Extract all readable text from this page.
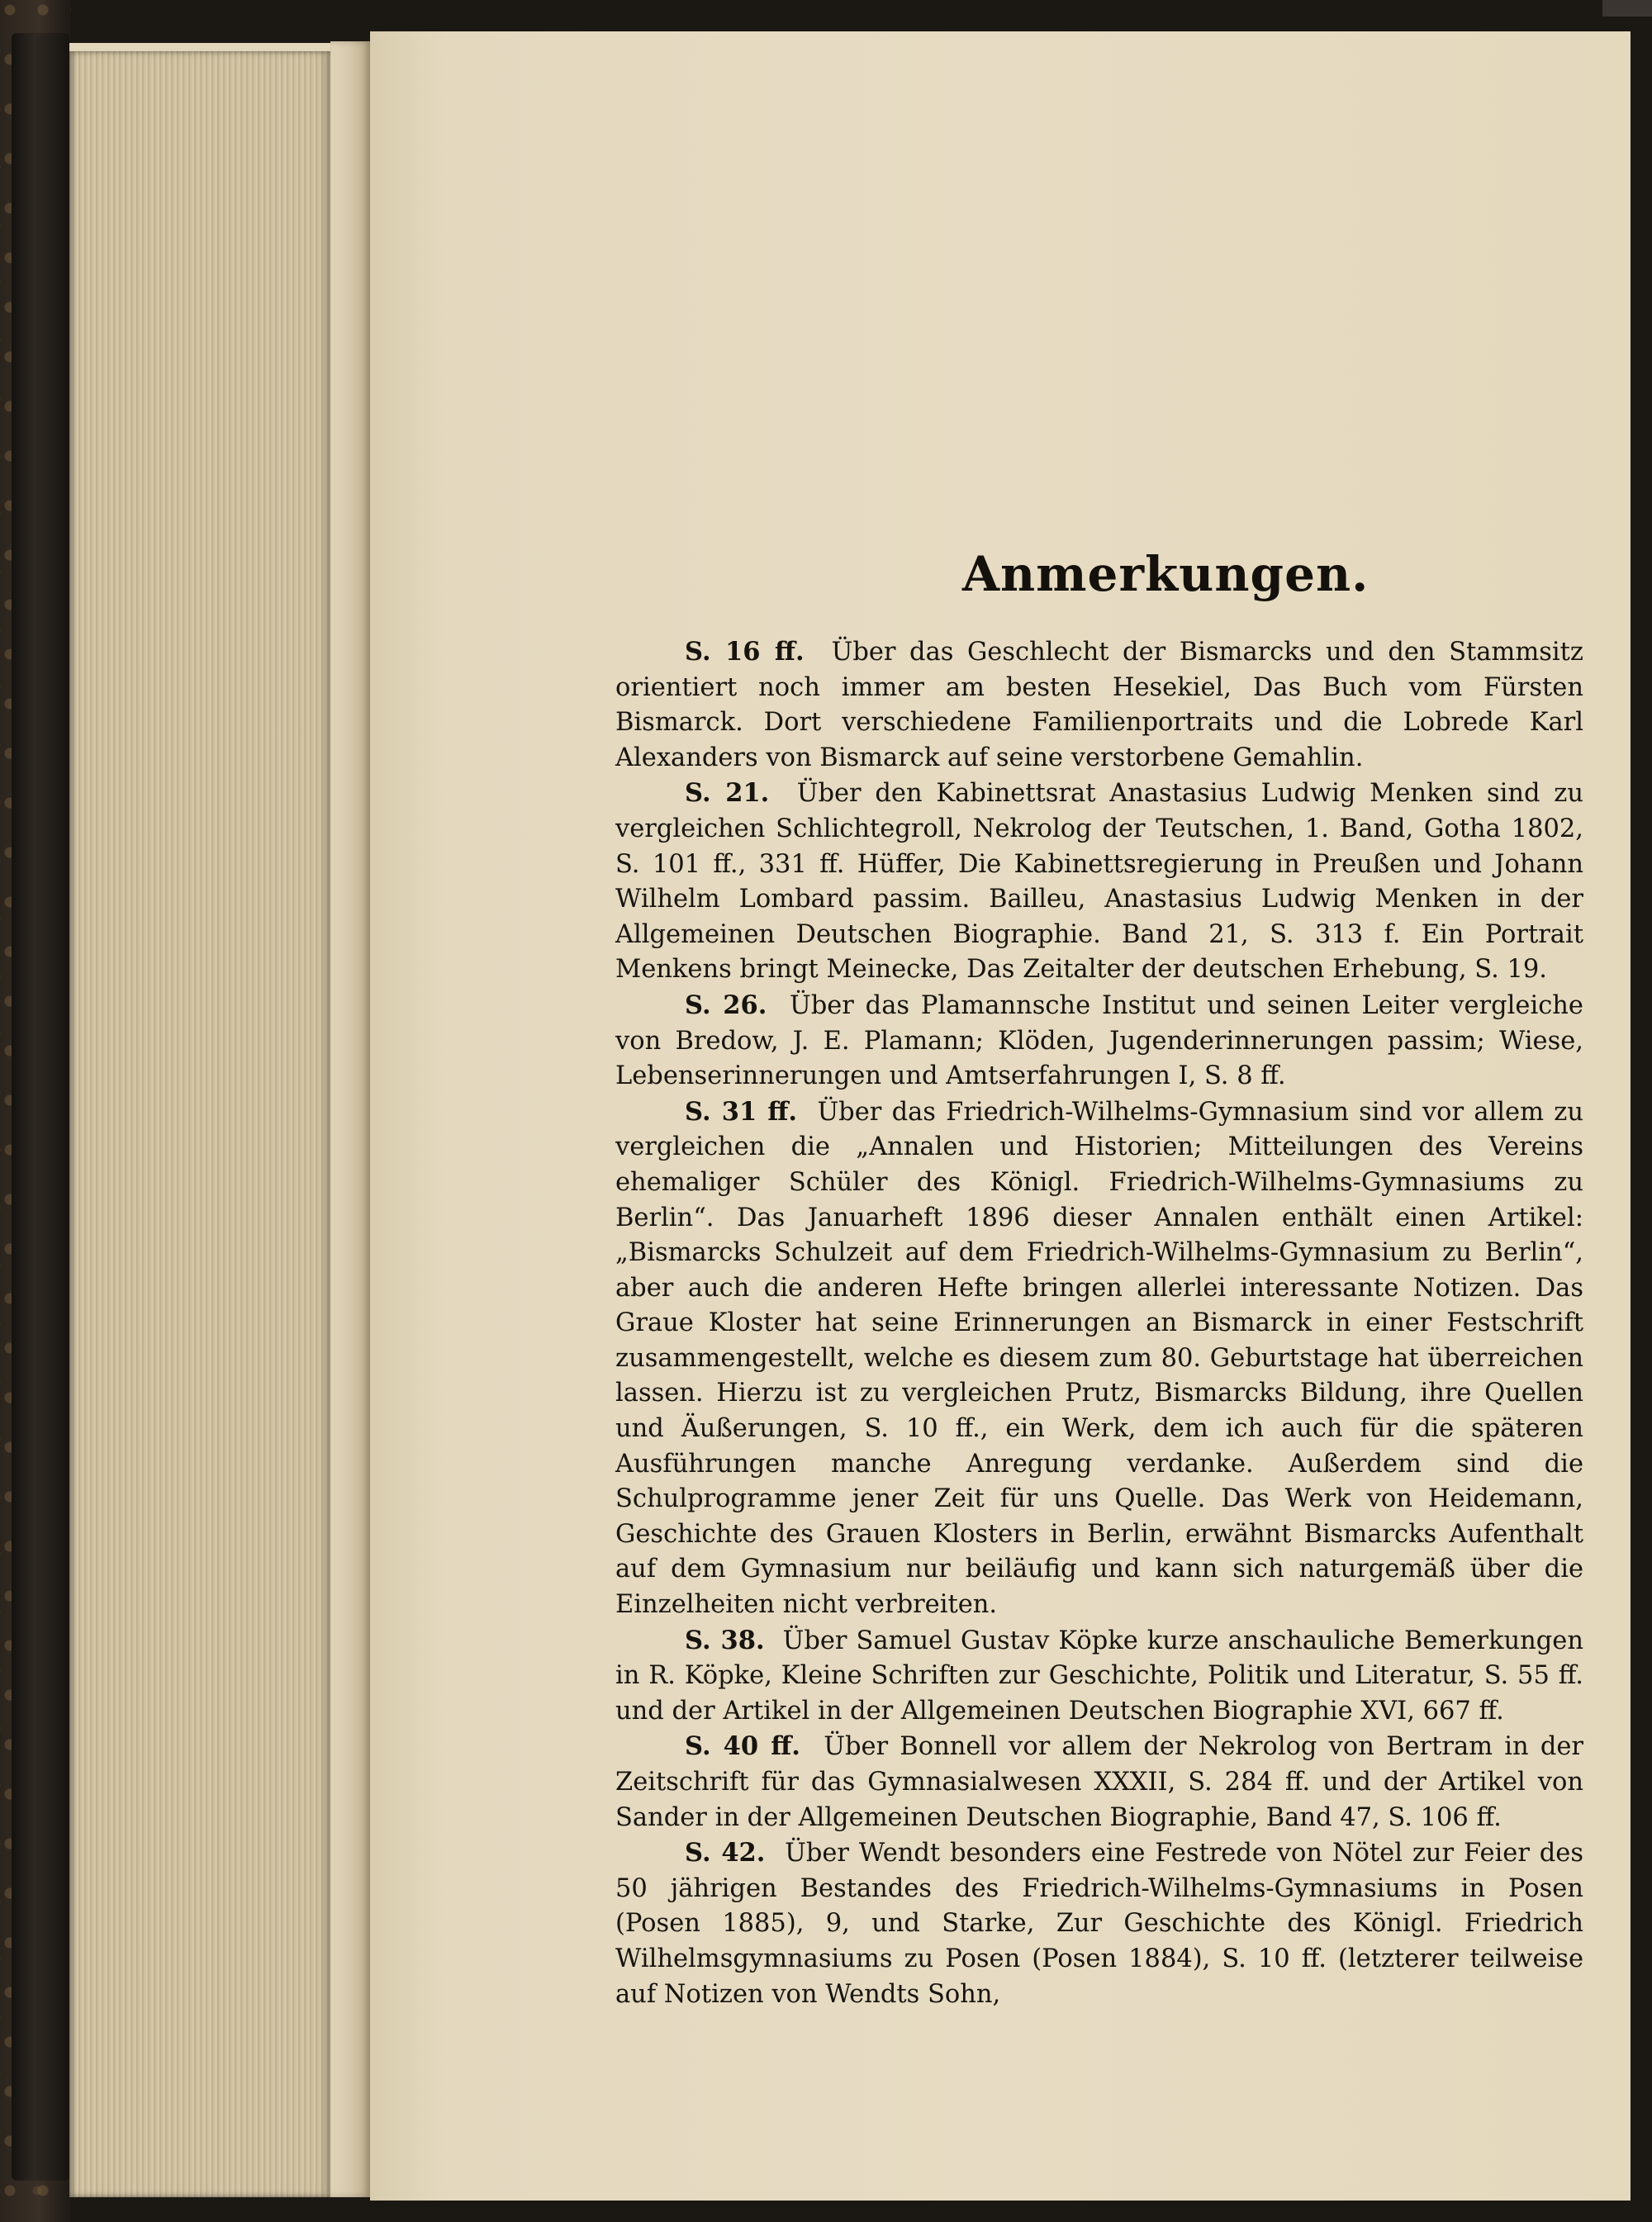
Anmerkungen.

S. 16 ff. Über das Geschlecht der Bismarcks und den Stammsitz orientiert noch immer am besten Hesekiel, Das Buch vom Fürsten Bismarck. Dort verschiedene Familienportraits und die Lobrede Karl Alexanders von Bismarck auf seine verstorbene Gemahlin.

S. 21. Über den Kabinettsrat Anastasius Ludwig Menken sind zu vergleichen Schlichtegroll, Nekrolog der Teutschen, 1. Band, Gotha 1802, S. 101 ff., 331 ff. Hüffer, Die Kabinettsregierung in Preußen und Johann Wilhelm Lombard passim. Bailleu, Anastasius Ludwig Menken in der Allgemeinen Deutschen Biographie. Band 21, S. 313 f. Ein Portrait Menkens bringt Meinecke, Das Zeitalter der deutschen Erhebung, S. 19.

S. 26. Über das Plamannsche Institut und seinen Leiter vergleiche von Bredow, J. E. Plamann; Klöden, Jugenderinnerungen passim; Wiese, Lebenserinnerungen und Amtserfahrungen I, S. 8 ff.

S. 31 ff. Über das Friedrich-Wilhelms-Gymnasium sind vor allem zu vergleichen die „Annalen und Historien; Mitteilungen des Vereins ehemaliger Schüler des Königl. Friedrich-Wilhelms-Gymnasiums zu Berlin“. Das Januarheft 1896 dieser Annalen enthält einen Artikel: „Bismarcks Schulzeit auf dem Friedrich-Wilhelms-Gymnasium zu Berlin“, aber auch die anderen Hefte bringen allerlei interessante Notizen. Das Graue Kloster hat seine Erinnerungen an Bismarck in einer Festschrift zusammengestellt, welche es diesem zum 80. Geburtstage hat überreichen lassen. Hierzu ist zu vergleichen Prutz, Bismarcks Bildung, ihre Quellen und Äußerungen, S. 10 ff., ein Werk, dem ich auch für die späteren Ausführungen manche Anregung verdanke. Außerdem sind die Schulprogramme jener Zeit für uns Quelle. Das Werk von Heidemann, Geschichte des Grauen Klosters in Berlin, erwähnt Bismarcks Aufenthalt auf dem Gymnasium nur beiläufig und kann sich naturgemäß über die Einzelheiten nicht verbreiten.

S. 38. Über Samuel Gustav Köpke kurze anschauliche Bemerkungen in R. Köpke, Kleine Schriften zur Geschichte, Politik und Literatur, S. 55 ff. und der Artikel in der Allgemeinen Deutschen Biographie XVI, 667 ff.

S. 40 ff. Über Bonnell vor allem der Nekrolog von Bertram in der Zeitschrift für das Gymnasialwesen XXXII, S. 284 ff. und der Artikel von Sander in der Allgemeinen Deutschen Biographie, Band 47, S. 106 ff.

S. 42. Über Wendt besonders eine Festrede von Nötel zur Feier des 50 jährigen Bestandes des Friedrich-Wilhelms-Gymnasiums in Posen (Posen 1885), 9, und Starke, Zur Geschichte des Königl. Friedrich Wilhelmsgymnasiums zu Posen (Posen 1884), S. 10 ff. (letzterer teilweise auf Notizen von Wendts Sohn,
